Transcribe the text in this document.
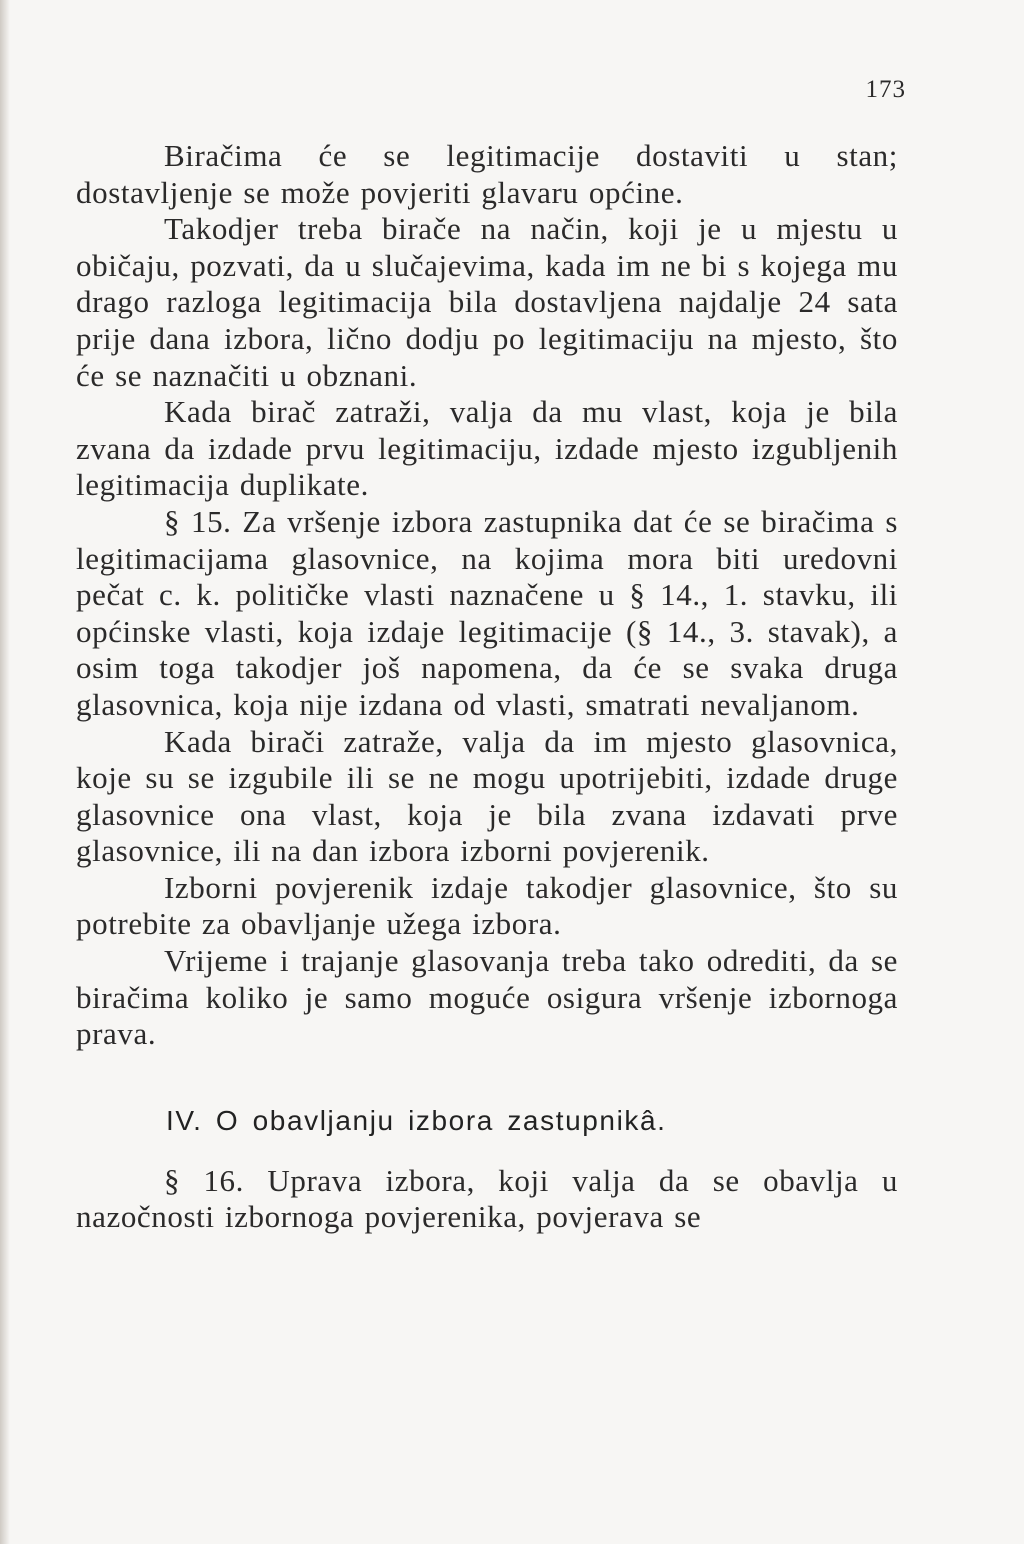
173

Biračima će se legitimacije dostaviti u stan; dostavljenje se može povjeriti glavaru općine.

Takodjer treba birače na način, koji je u mjestu u običaju, pozvati, da u slučajevima, kada im ne bi s kojega mu drago razloga legitimacija bila dostavljena najdalje 24 sata prije dana izbora, lično dodju po legitimaciju na mjesto, što će se naznačiti u obznani.

Kada birač zatraži, valja da mu vlast, koja je bila zvana da izdade prvu legitimaciju, izdade mjesto izgubljenih legitimacija duplikate.

§ 15. Za vršenje izbora zastupnika dat će se biračima s legitimacijama glasovnice, na kojima mora biti uredovni pečat c. k. političke vlasti naznačene u § 14., 1. stavku, ili općinske vlasti, koja izdaje legitimacije (§ 14., 3. stavak), a osim toga takodjer još napomena, da će se svaka druga glasovnica, koja nije izdana od vlasti, smatrati nevaljanom.

Kada birači zatraže, valja da im mjesto glasovnica, koje su se izgubile ili se ne mogu upotrijebiti, izdade druge glasovnice ona vlast, koja je bila zvana izdavati prve glasovnice, ili na dan izbora izborni povjerenik.

Izborni povjerenik izdaje takodjer glasovnice, što su potrebite za obavljanje užega izbora.

Vrijeme i trajanje glasovanja treba tako odrediti, da se biračima koliko je samo moguće osigura vršenje izbornoga prava.

IV. O obavljanju izbora zastupnikâ.

§ 16. Uprava izbora, koji valja da se obavlja u nazočnosti izbornoga povjerenika, povjerava se
